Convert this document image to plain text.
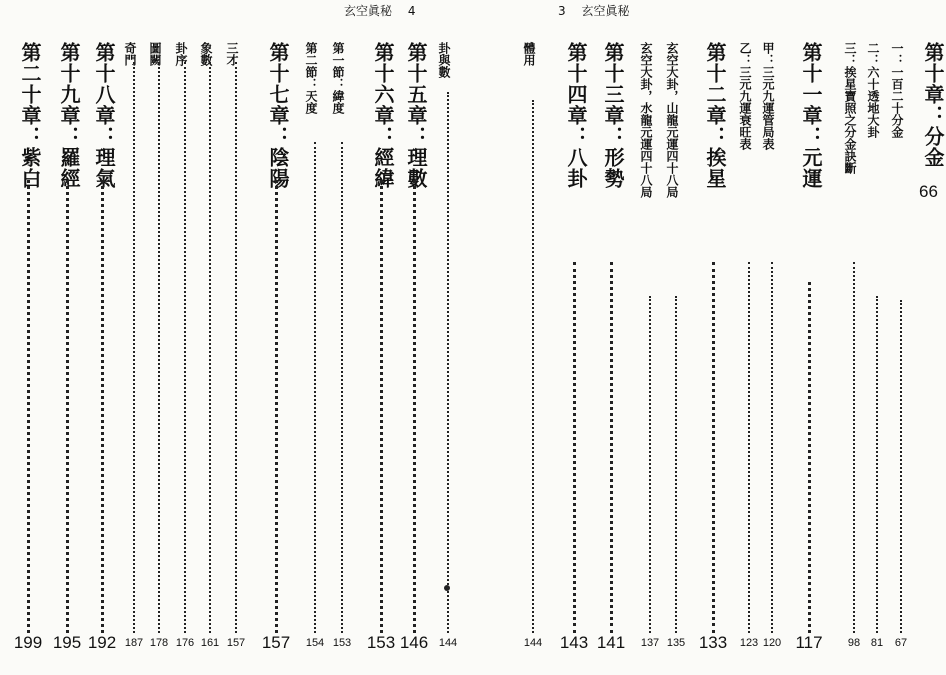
玄空眞秘　 4	3 　玄空眞秘
第十章：分金
一：一百二十分金
67
二：六十透地大卦
81
三：挨星寶照之分金訣斷
98
第十一章：元運
117
甲：三元九運管局表
120
乙：三元九運衰旺表
123
第十二章：挨星
133
玄空大卦，山龍元運四十八局
135
玄空大卦，水龍元運四十八局
137
第十三章：形勢
141
第十四章：八卦
143
體用
144
卦與數
144
第十五章：理數
146
第十六章：經緯
153
第一節：緯度
153
第二節：天度
154
第十七章：陰陽
157
三才
157
象數
161
卦序
176
圖闕
178
奇門
187
第十八章：理氣
192
第十九章：羅經
195
第二十章：紫白
199
66
